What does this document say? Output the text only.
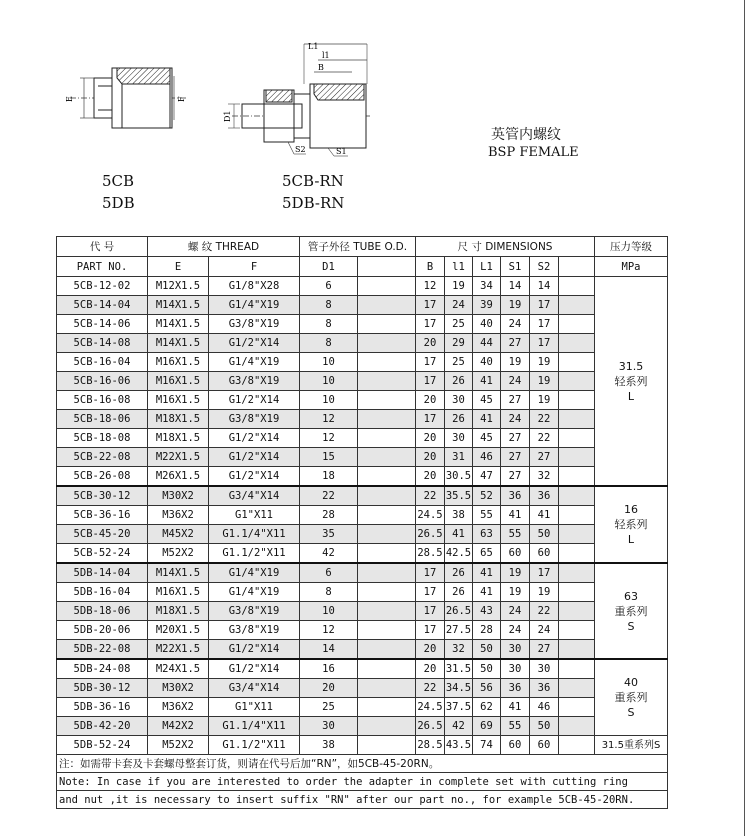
E	F
L1
l1
B
D1
S2	S1
5CB
5DB
5CB-RN
5DB-RN
英管内螺纹
BSP FEMALE
代 号	螺 纹 THREAD		管子外径 TUBE O.D.		尺 寸 DIMENSIONS						压力等级
PART NO.	E	F	D1		B	l1	L1	S1	S2		MPa
5CB-12-02	M12X1.5	G1/8"X28	6		12	19	34	14	14		31.5
轻系列
L

5CB-14-04	M14X1.5	G1/4"X19	8		17	24	39	19	17		
5CB-14-06	M14X1.5	G3/8"X19	8		17	25	40	24	17		
5CB-14-08	M14X1.5	G1/2"X14	8		20	29	44	27	17		
5CB-16-04	M16X1.5	G1/4"X19	10		17	25	40	19	19		
5CB-16-06	M16X1.5	G3/8"X19	10		17	26	41	24	19		
5CB-16-08	M16X1.5	G1/2"X14	10		20	30	45	27	19		
5CB-18-06	M18X1.5	G3/8"X19	12		17	26	41	24	22		
5CB-18-08	M18X1.5	G1/2"X14	12		20	30	45	27	22		
5CB-22-08	M22X1.5	G1/2"X14	15		20	31	46	27	27		
5CB-26-08	M26X1.5	G1/2"X14	18		20	30.5	47	27	32		
5CB-30-12	M30X2	G3/4"X14	22		22	35.5	52	36	36		16
轻系列
L

5CB-36-16	M36X2	G1"X11	28		24.5	38	55	41	41		
5CB-45-20	M45X2	G1.1/4"X11	35		26.5	41	63	55	50		
5CB-52-24	M52X2	G1.1/2"X11	42		28.5	42.5	65	60	60		
5DB-14-04	M14X1.5	G1/4"X19	6		17	26	41	19	17		63
重系列
S

5DB-16-04	M16X1.5	G1/4"X19	8		17	26	41	19	19		
5DB-18-06	M18X1.5	G3/8"X19	10		17	26.5	43	24	22		
5DB-20-06	M20X1.5	G3/8"X19	12		17	27.5	28	24	24		
5DB-22-08	M22X1.5	G1/2"X14	14		20	32	50	30	27		
5DB-24-08	M24X1.5	G1/2"X14	16		20	31.5	50	30	30		40
重系列
S

5DB-30-12	M30X2	G3/4"X14	20		22	34.5	56	36	36		
5DB-36-16	M36X2	G1"X11	25		24.5	37.5	62	41	46		
5DB-42-20	M42X2	G1.1/4"X11	30		26.5	42	69	55	50		
5DB-52-24	M52X2	G1.1/2"X11	38		28.5	43.5	74	60	60		31.5重系列S

注：如需带卡套及卡套螺母整套订货，则请在代号后加“RN”，如5CB-45-20RN。											
Note: In case if you are interested to order the adapter in complete set with cutting ring											
and nut ,it is necessary to insert suffix "RN" after our part no., for example 5CB-45-20RN.											
